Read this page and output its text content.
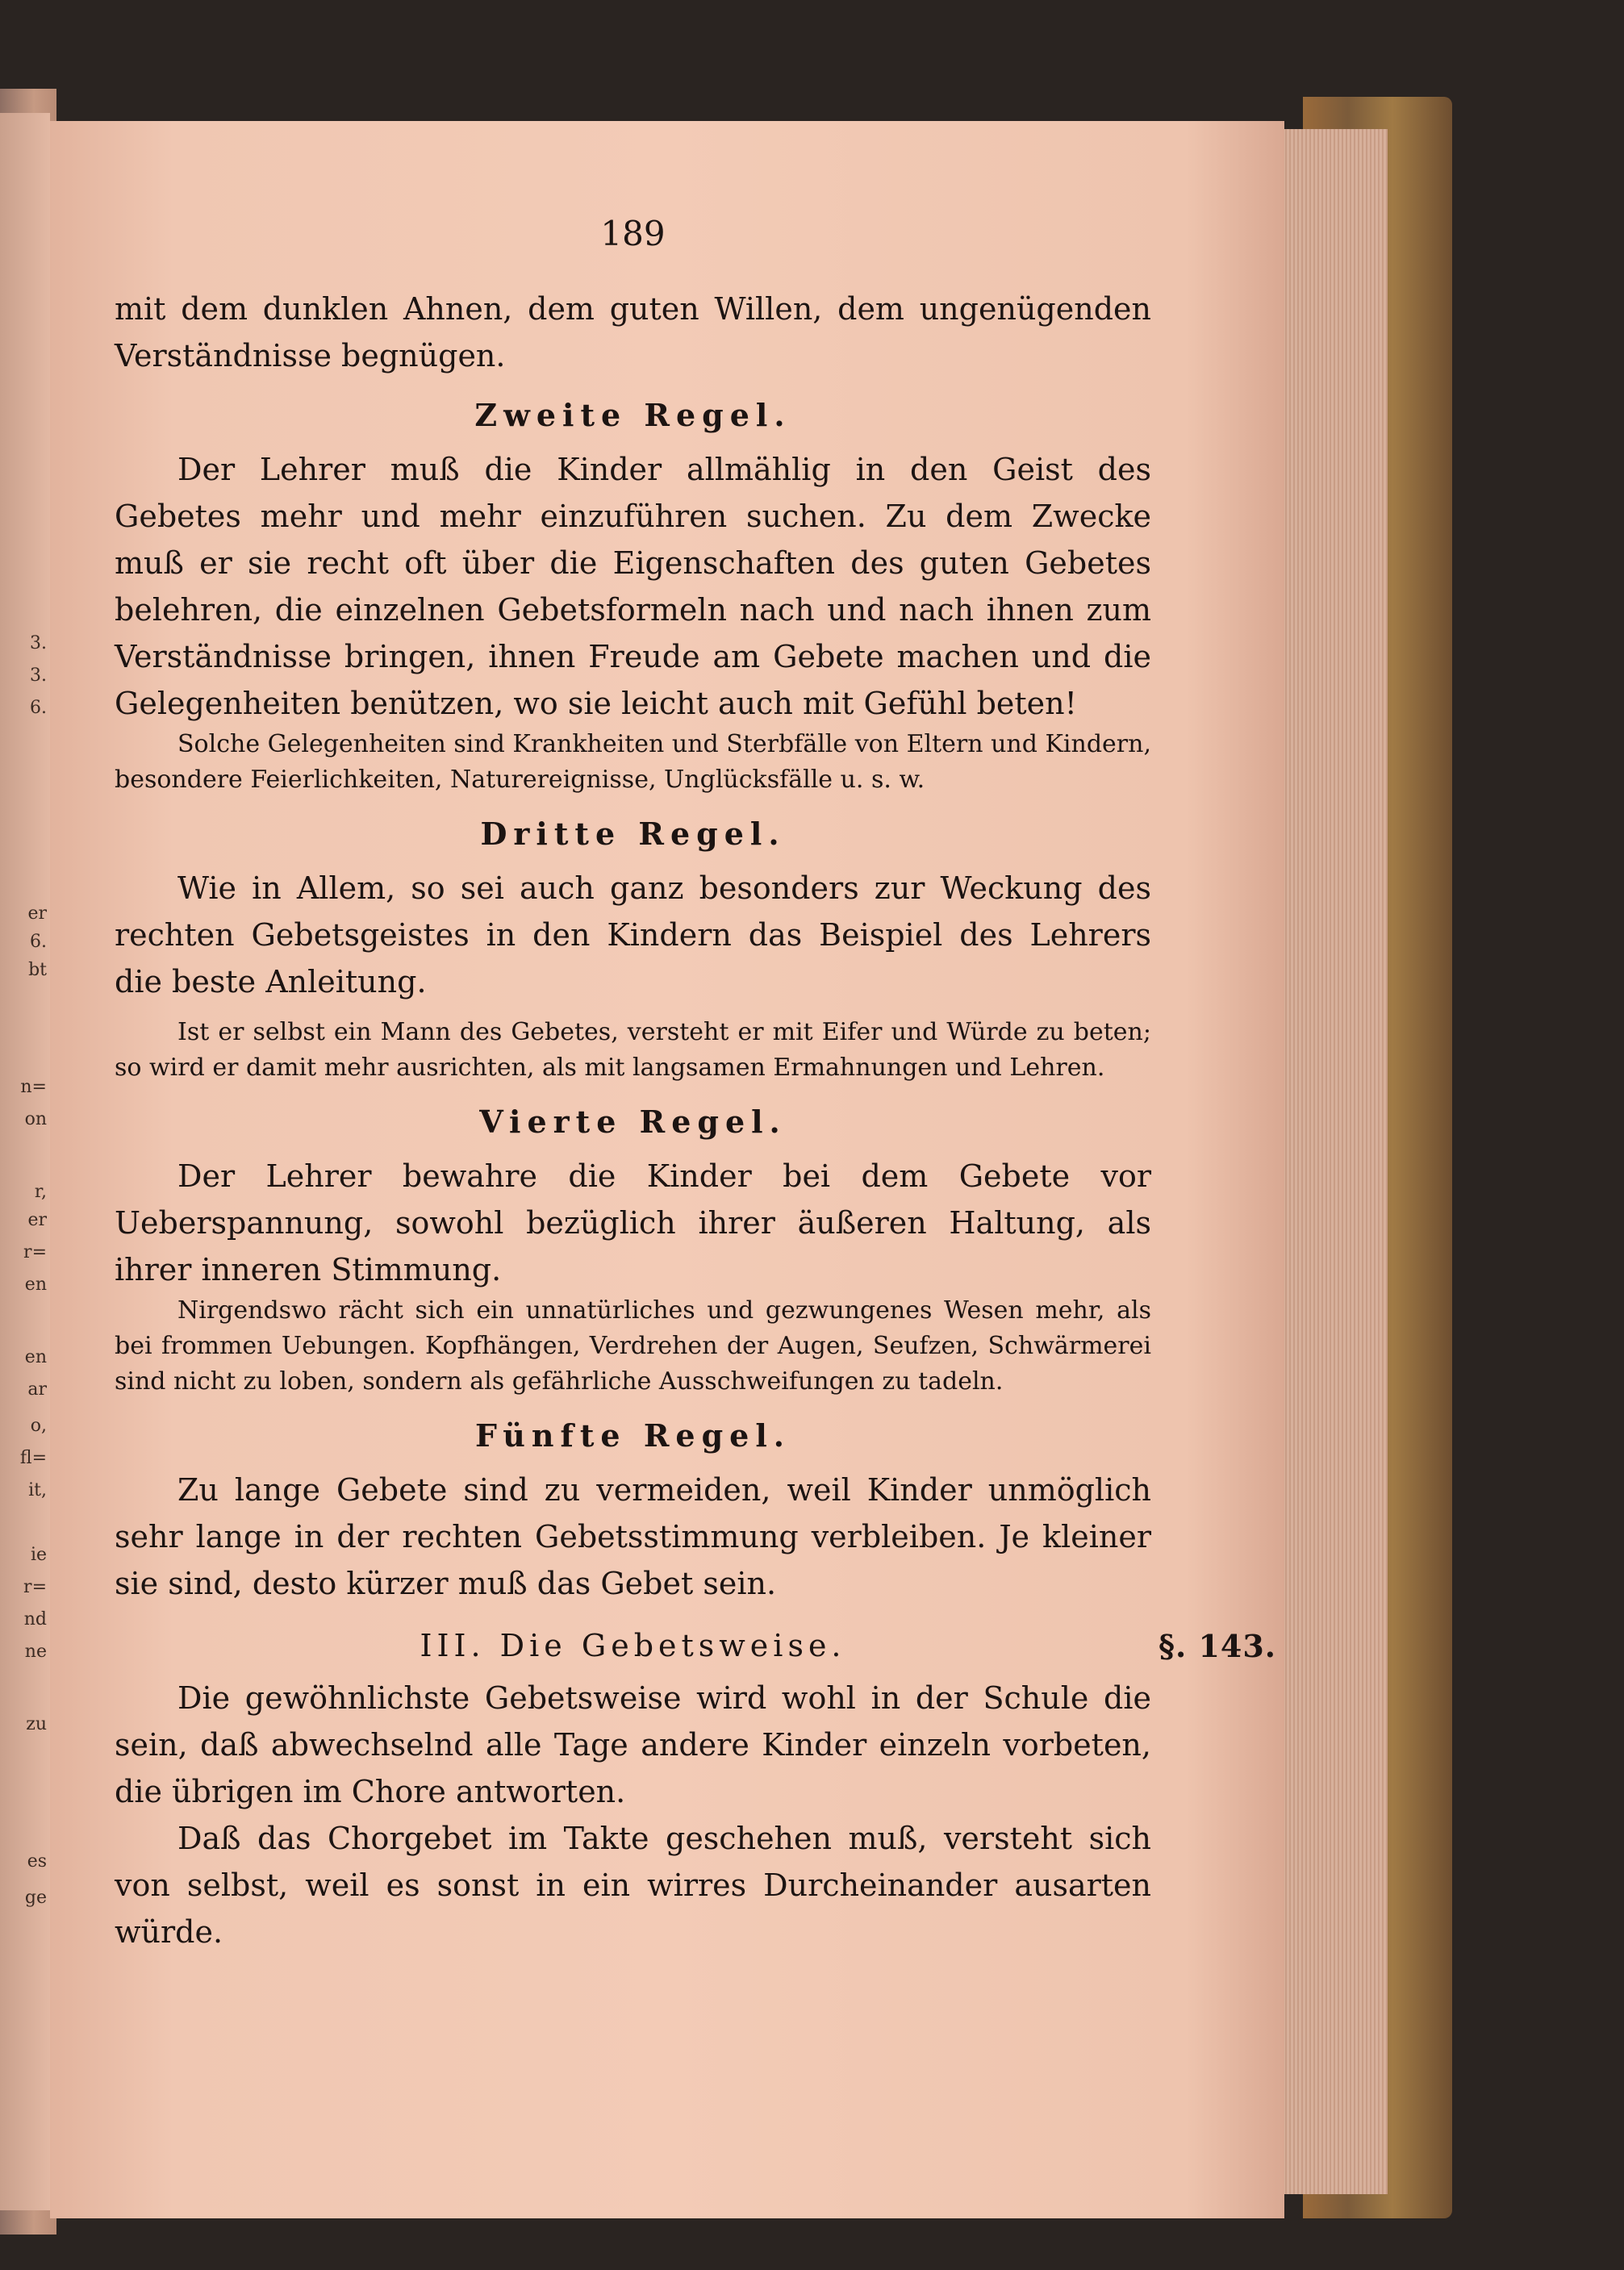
3.
3.
6.
er
6.
bt
n=
on
r,
er
r=
en
en
ar
o,
fl=
it,
ie
r=
nd
ne
zu
es
ge
189

mit dem dunklen Ahnen, dem guten Willen, dem ungenügenden Verständnisse begnügen.

Zweite Regel.

Der Lehrer muß die Kinder allmählig in den Geist des Gebetes mehr und mehr einzuführen suchen. Zu dem Zwecke muß er sie recht oft über die Eigenschaften des guten Gebetes belehren, die einzelnen Gebetsformeln nach und nach ihnen zum Verständnisse bringen, ihnen Freude am Gebete machen und die Gelegenheiten benützen, wo sie leicht auch mit Gefühl beten!

Solche Gelegenheiten sind Krankheiten und Sterbfälle von Eltern und Kindern, besondere Feierlichkeiten, Naturereignisse, Unglücksfälle u. s. w.

Dritte Regel.

Wie in Allem, so sei auch ganz besonders zur Weckung des rechten Gebetsgeistes in den Kindern das Beispiel des Lehrers die beste Anleitung.

Ist er selbst ein Mann des Gebetes, versteht er mit Eifer und Würde zu beten; so wird er damit mehr ausrichten, als mit langsamen Ermahnungen und Lehren.

Vierte Regel.

Der Lehrer bewahre die Kinder bei dem Gebete vor Ueberspannung, sowohl bezüglich ihrer äußeren Haltung, als ihrer inneren Stimmung.

Nirgendswo rächt sich ein unnatürliches und gezwungenes Wesen mehr, als bei frommen Uebungen. Kopfhängen, Verdrehen der Augen, Seufzen, Schwärmerei sind nicht zu loben, sondern als gefährliche Ausschweifungen zu tadeln.

Fünfte Regel.

Zu lange Gebete sind zu vermeiden, weil Kinder unmöglich sehr lange in der rechten Gebetsstimmung verbleiben. Je kleiner sie sind, desto kürzer muß das Gebet sein.

III. Die Gebetsweise.	§. 143.

Die gewöhnlichste Gebetsweise wird wohl in der Schule die sein, daß abwechselnd alle Tage andere Kinder einzeln vorbeten, die übrigen im Chore antworten.

Daß das Chorgebet im Takte geschehen muß, versteht sich von selbst, weil es sonst in ein wirres Durcheinander ausarten würde.
